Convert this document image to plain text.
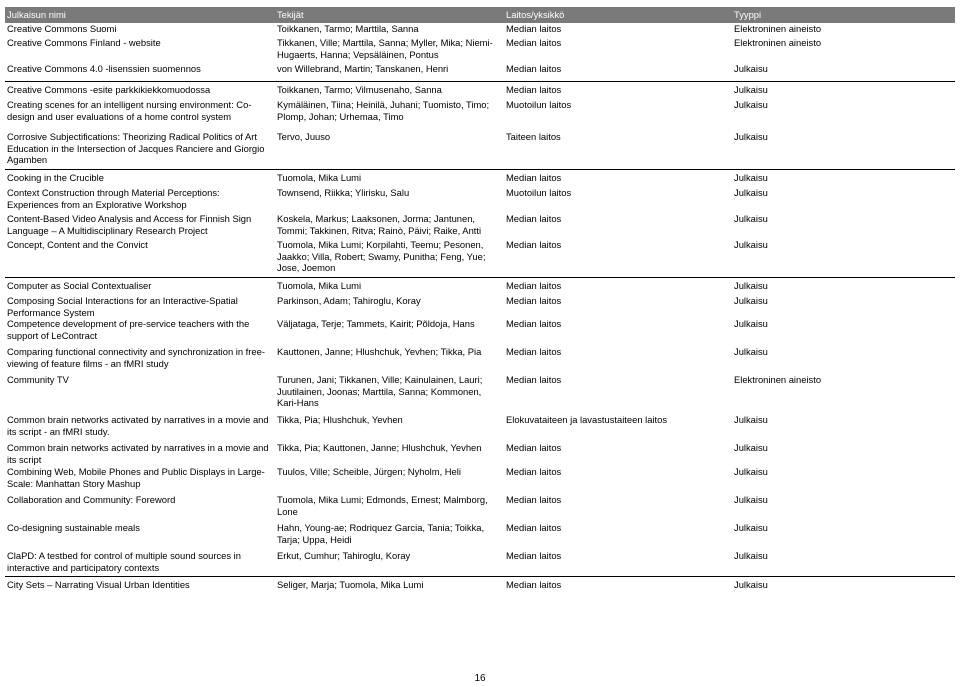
Julkaisun nimi	Tekijät	Laitos/yksikkö	Tyyppi
Creative Commons Suomi	Toikkanen, Tarmo; Marttila, Sanna	Median laitos	Elektroninen aineisto
Creative Commons Finland - website	Tikkanen, Ville; Marttila, Sanna; Myller, Mika; Niemi-Hugaerts, Hanna; Vepsäläinen, Pontus	Median laitos	Elektroninen aineisto
Creative Commons 4.0 -lisenssien suomennos	von Willebrand, Martin; Tanskanen, Henri	Median laitos	Julkaisu
Creative Commons -esite parkkikiekkomuodossa	Toikkanen, Tarmo; Vilmusenaho, Sanna	Median laitos	Julkaisu
Creating scenes for an intelligent nursing environment: Co-design and user evaluations of a home control system	Kymäläinen, Tiina; Heinilä, Juhani; Tuomisto, Timo; Plomp, Johan; Urhemaa, Timo	Muotoilun laitos	Julkaisu
Corrosive Subjectifications: Theorizing Radical Politics of Art Education in the Intersection of Jacques Ranciere and Giorgio Agamben	Tervo, Juuso	Taiteen laitos	Julkaisu
Cooking in the Crucible	Tuomola, Mika Lumi	Median laitos	Julkaisu
Context Construction through Material Perceptions: Experiences from an Explorative Workshop	Townsend, Riikka; Ylirisku, Salu	Muotoilun laitos	Julkaisu
Content-Based Video Analysis and Access for Finnish Sign Language – A Multidisciplinary Research Project	Koskela, Markus; Laaksonen, Jorma; Jantunen, Tommi; Takkinen, Ritva; Rainò, Päivi; Raike, Antti	Median laitos	Julkaisu
Concept, Content and the Convict	Tuomola, Mika Lumi; Korpilahti, Teemu; Pesonen, Jaakko; Villa, Robert; Swamy, Punitha; Feng, Yue; Jose, Joemon	Median laitos	Julkaisu
Computer as Social Contextualiser	Tuomola, Mika Lumi	Median laitos	Julkaisu
Composing Social Interactions for an Interactive-Spatial Performance System	Parkinson, Adam; Tahiroglu, Koray	Median laitos	Julkaisu
Competence development of pre-service teachers with the support of LeContract	Väljataga, Terje; Tammets, Kairit; Põldoja, Hans	Median laitos	Julkaisu
Comparing functional connectivity and synchronization in free-viewing of feature films - an fMRI study	Kauttonen, Janne; Hlushchuk, Yevhen; Tikka, Pia	Median laitos	Julkaisu
Community TV	Turunen, Jani; Tikkanen, Ville; Kainulainen, Lauri; Juutilainen, Joonas; Marttila, Sanna; Kommonen, Kari-Hans	Median laitos	Elektroninen aineisto
Common brain networks activated by narratives in a movie and its script - an fMRI study.	Tikka, Pia; Hlushchuk, Yevhen	Elokuvataiteen ja lavastustaiteen laitos	Julkaisu
Common brain networks activated by narratives in a movie and its script	Tikka, Pia; Kauttonen, Janne; Hlushchuk, Yevhen	Median laitos	Julkaisu
Combining Web, Mobile Phones and Public Displays in Large-Scale: Manhattan Story Mashup	Tuulos, Ville; Scheible, Jürgen; Nyholm, Heli	Median laitos	Julkaisu
Collaboration and Community: Foreword	Tuomola, Mika Lumi; Edmonds, Ernest; Malmborg, Lone	Median laitos	Julkaisu
Co-designing sustainable meals	Hahn, Young-ae; Rodriquez Garcia, Tania; Toikka, Tarja; Uppa, Heidi	Median laitos	Julkaisu
ClaPD: A testbed for control of multiple sound sources in interactive and participatory contexts	Erkut, Cumhur; Tahiroglu, Koray	Median laitos	Julkaisu
City Sets – Narrating Visual Urban Identities	Seliger, Marja; Tuomola, Mika Lumi	Median laitos	Julkaisu
16
